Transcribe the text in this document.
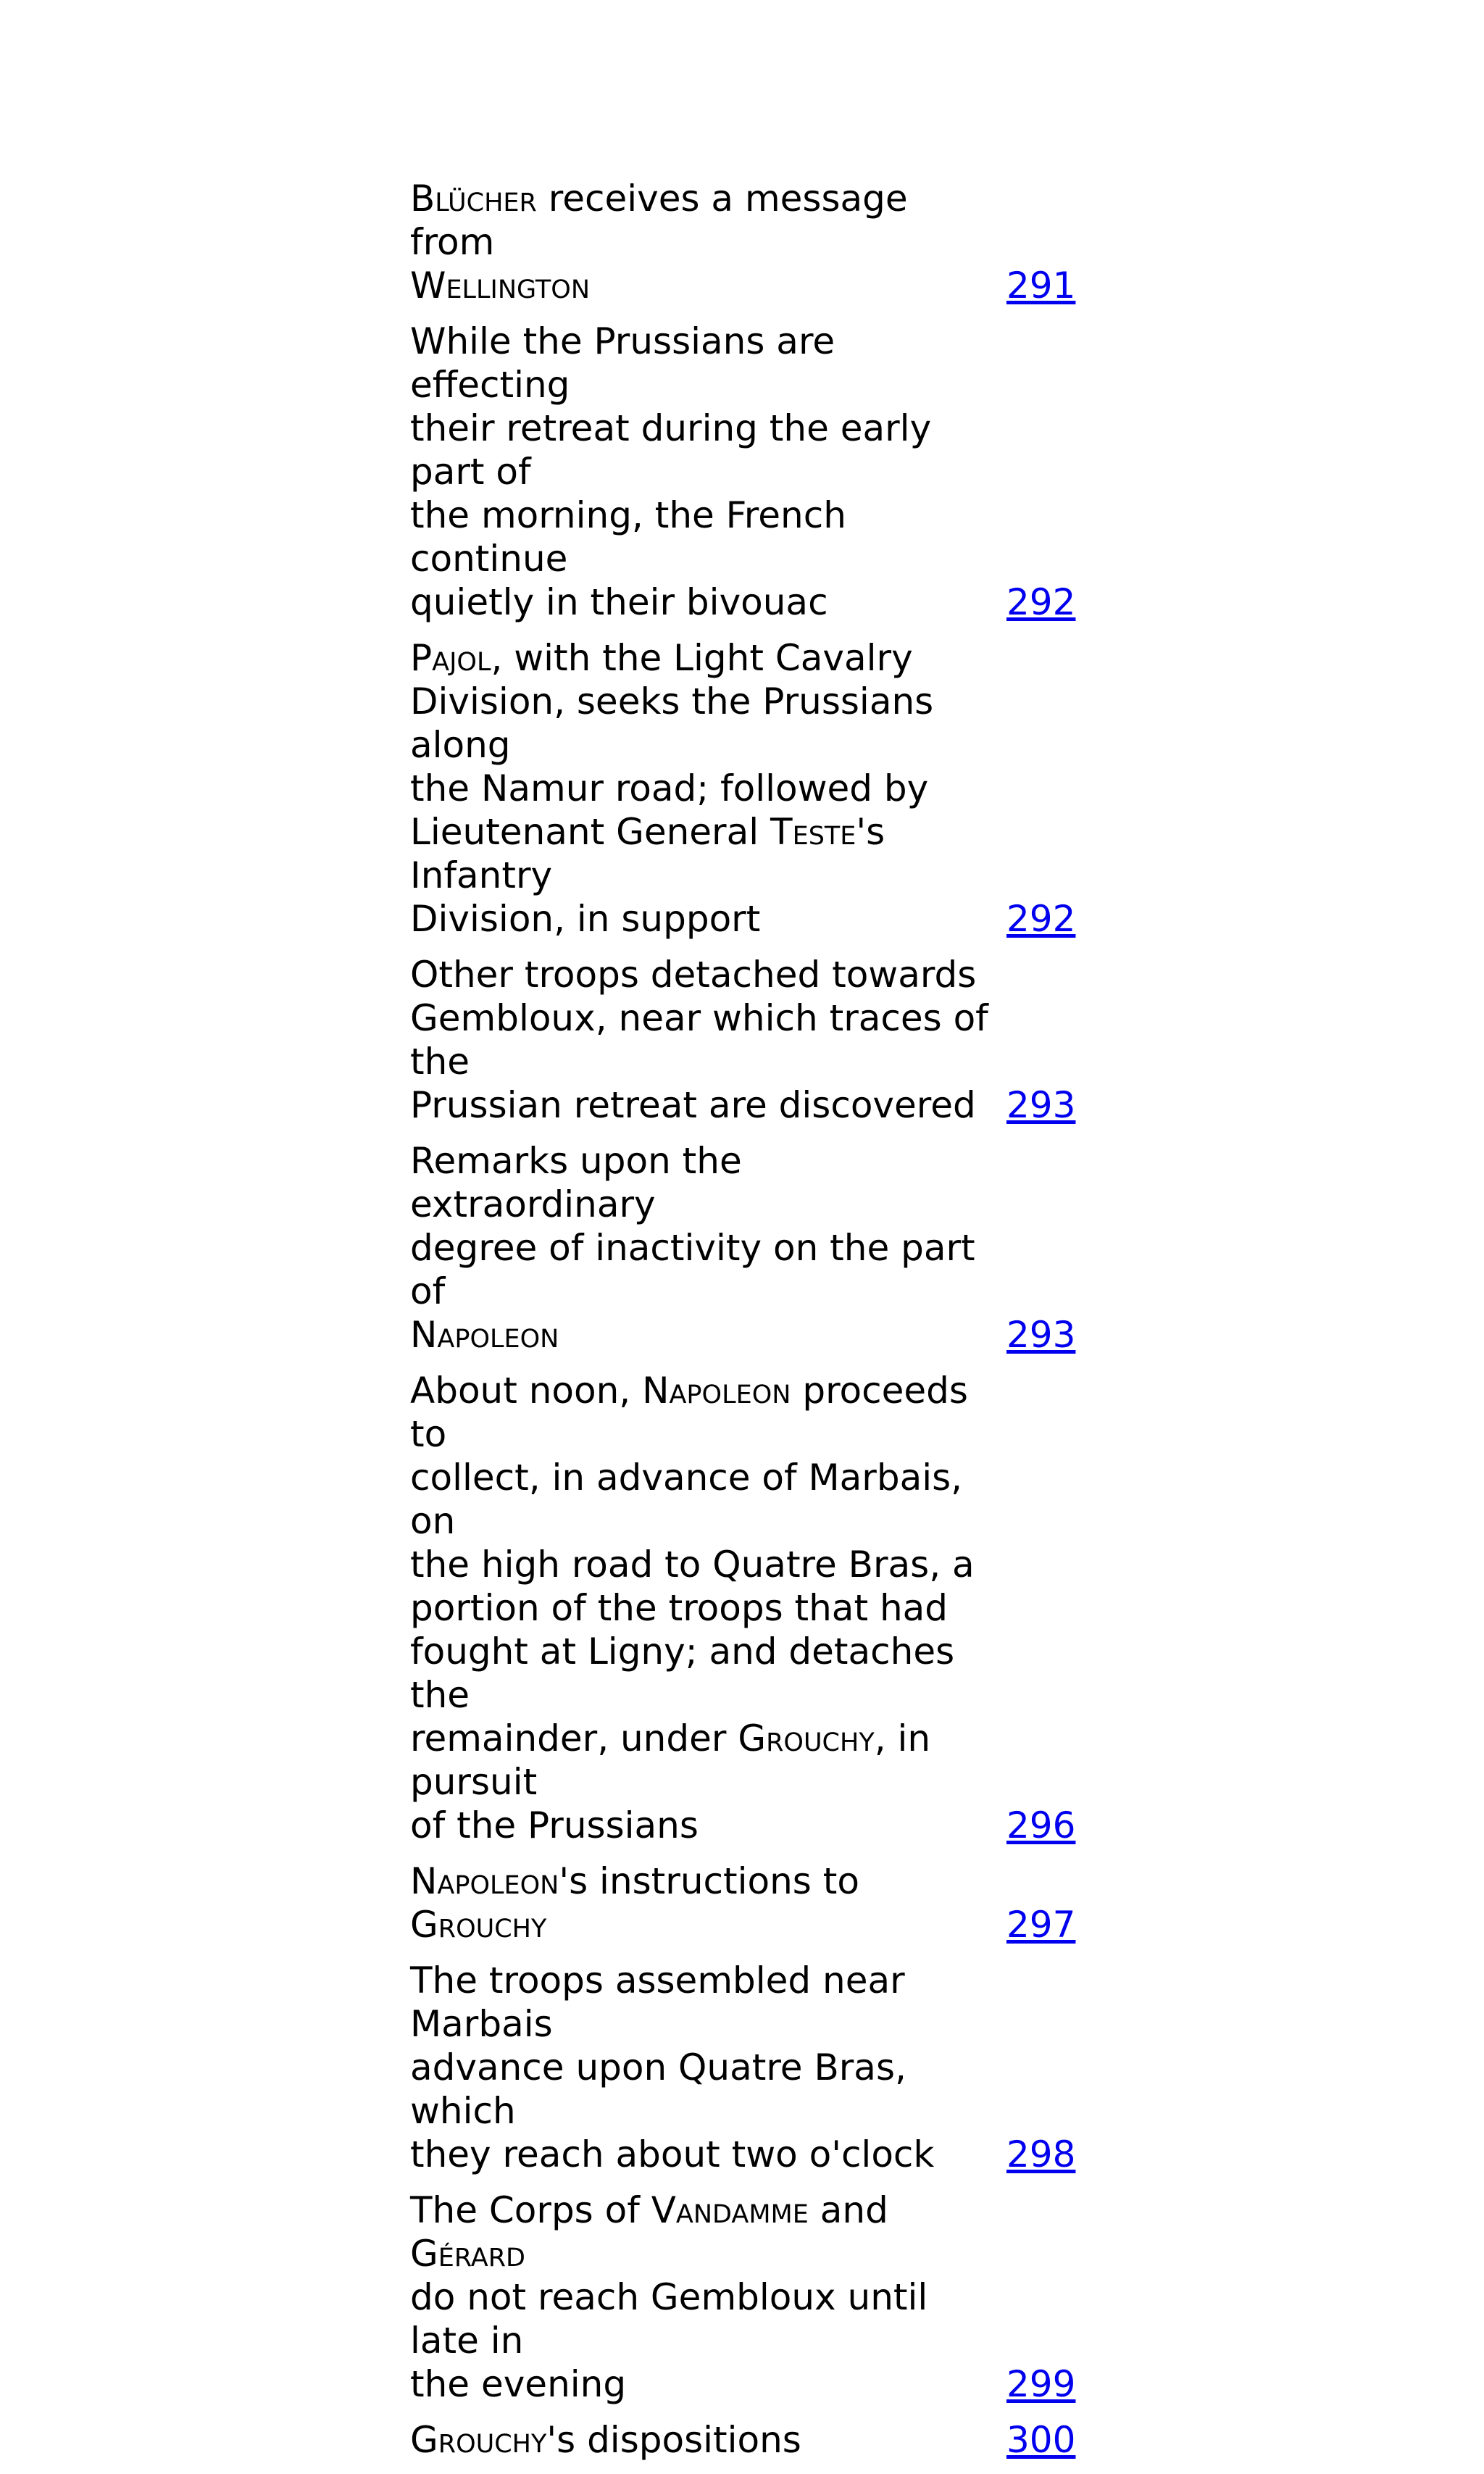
Blücher receives a message from
Wellington	291
While the Prussians are effecting
their retreat during the early part of
the morning, the French continue
quietly in their bivouac	292
Pajol, with the Light Cavalry
Division, seeks the Prussians along
the Namur road; followed by
Lieutenant General Teste's Infantry
Division, in support	292
Other troops detached towards
Gembloux, near which traces of the
Prussian retreat are discovered 293
Remarks upon the extraordinary
degree of inactivity on the part of
Napoleon	293
About noon, Napoleon proceeds to
collect, in advance of Marbais, on
the high road to Quatre Bras, a
portion of the troops that had
fought at Ligny; and detaches the
remainder, under Grouchy, in pursuit
of the Prussians	296
Napoleon's instructions to Grouchy	297
The troops assembled near Marbais
advance upon Quatre Bras, which
they reach about two o'clock	298
The Corps of Vandamme and Gérard
do not reach Gembloux until late in
the evening	299
Grouchy's dispositions	300
